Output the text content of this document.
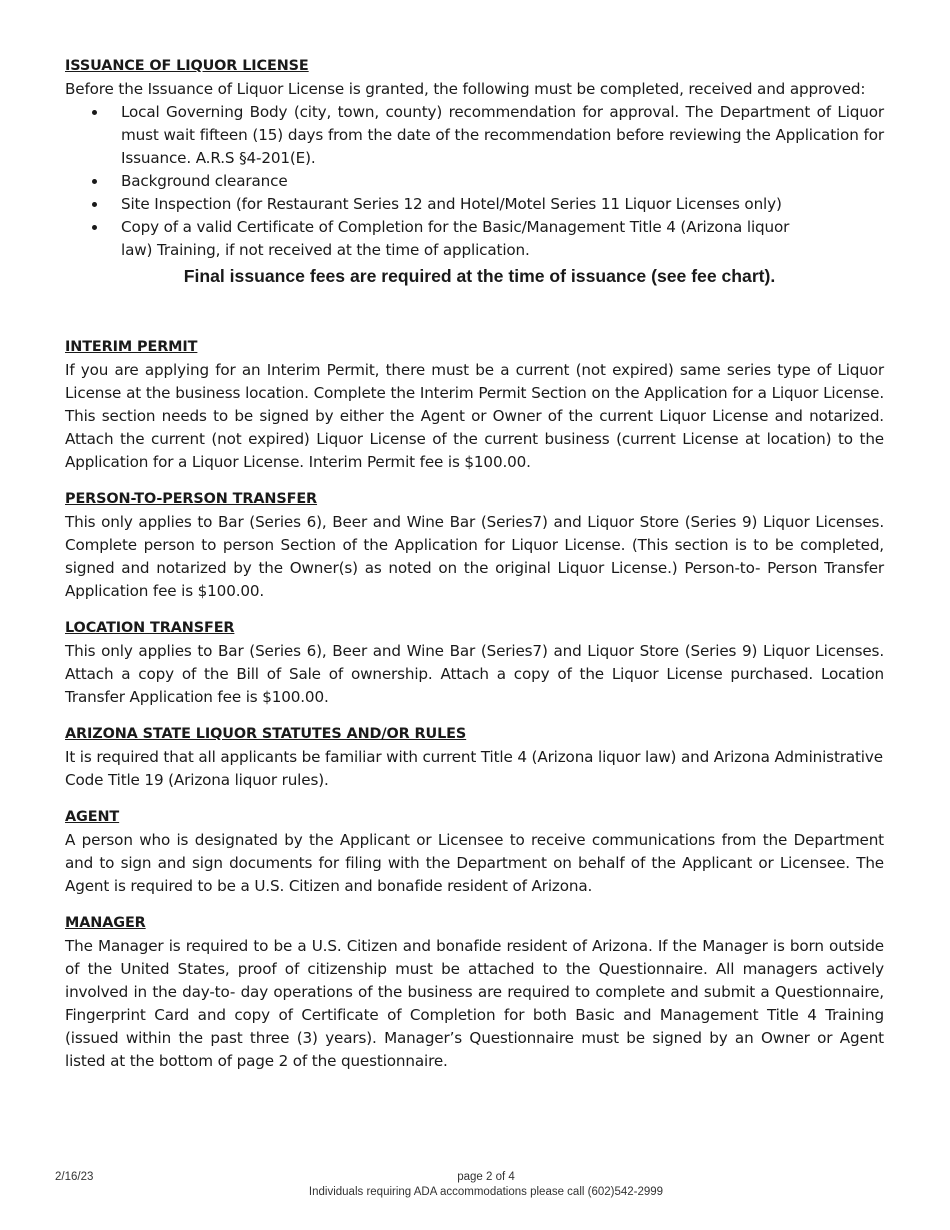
ISSUANCE OF LIQUOR LICENSE

Before the Issuance of Liquor License is granted, the following must be completed, received and approved:

Local Governing Body (city, town, county) recommendation for approval. The Department of Liquor must wait fifteen (15) days from the date of the recommendation before reviewing the Application for Issuance. A.R.S §4-201(E).
Background clearance
Site Inspection (for Restaurant Series 12 and Hotel/Motel Series 11 Liquor Licenses only)
Copy of a valid Certificate of Completion for the Basic/Management Title 4 (Arizona liquor law) Training, if not received at the time of application.

Final issuance fees are required at the time of issuance (see fee chart).

INTERIM PERMIT

If you are applying for an Interim Permit, there must be a current (not expired) same series type of Liquor License at the business location. Complete the Interim Permit Section on the Application for a Liquor License. This section needs to be signed by either the Agent or Owner of the current Liquor License and notarized. Attach the current (not expired) Liquor License of the current business (current License at location) to the Application for a Liquor License. Interim Permit fee is $100.00.

PERSON-TO-PERSON TRANSFER

This only applies to Bar (Series 6), Beer and Wine Bar (Series7) and Liquor Store (Series 9) Liquor Licenses. Complete person to person Section of the Application for Liquor License. (This section is to be completed, signed and notarized by the Owner(s) as noted on the original Liquor License.) Person-to- Person Transfer Application fee is $100.00.

LOCATION TRANSFER

This only applies to Bar (Series 6), Beer and Wine Bar (Series7) and Liquor Store (Series 9) Liquor Licenses. Attach a copy of the Bill of Sale of ownership. Attach a copy of the Liquor License purchased. Location Transfer Application fee is $100.00.

ARIZONA STATE LIQUOR STATUTES AND/OR RULES

It is required that all applicants be familiar with current Title 4 (Arizona liquor law) and Arizona Administrative Code Title 19 (Arizona liquor rules).

AGENT

A person who is designated by the Applicant or Licensee to receive communications from the Department and to sign and sign documents for filing with the Department on behalf of the Applicant or Licensee. The Agent is required to be a U.S. Citizen and bonafide resident of Arizona.

MANAGER

The Manager is required to be a U.S. Citizen and bonafide resident of Arizona. If the Manager is born outside of the United States, proof of citizenship must be attached to the Questionnaire. All managers actively involved in the day-to- day operations of the business are required to complete and submit a Questionnaire, Fingerprint Card and copy of Certificate of Completion for both Basic and Management Title 4 Training (issued within the past three (3) years). Manager’s Questionnaire must be signed by an Owner or Agent listed at the bottom of page 2 of the questionnaire.

2/16/23	page 2 of 4
Individuals requiring ADA accommodations please call (602)542-2999
